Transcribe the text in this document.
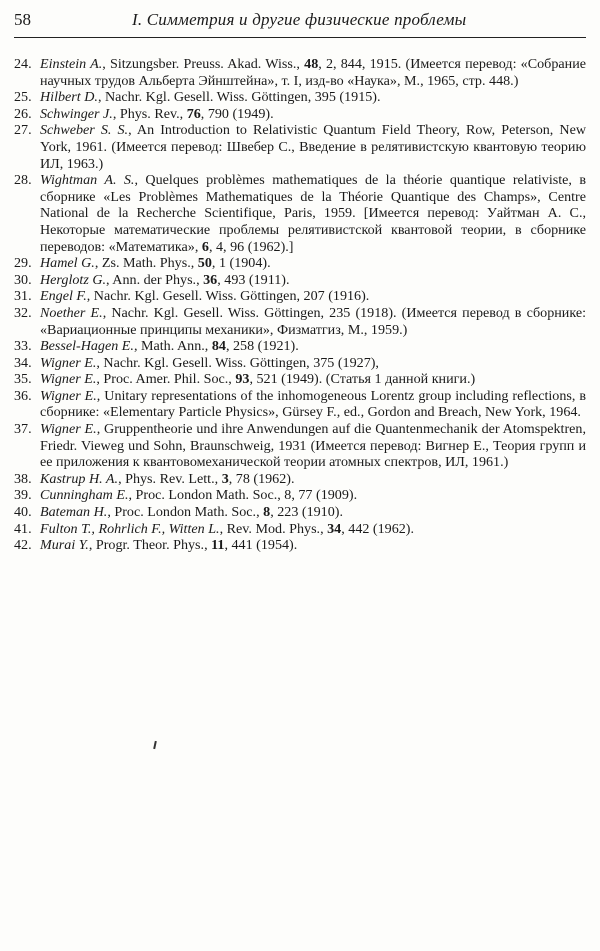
58	I. Симметрия и другие физические проблемы
24. Einstein A., Sitzungsber. Preuss. Akad. Wiss., 48, 2, 844, 1915. (Имеется перевод: «Собрание научных трудов Альберта Эйнштейна», т. I, изд-во «Наука», М., 1965, стр. 448.)
25. Hilbert D., Nachr. Kgl. Gesell. Wiss. Göttingen, 395 (1915).
26. Schwinger J., Phys. Rev., 76, 790 (1949).
27. Schweber S. S., An Introduction to Relativistic Quantum Field Theory, Row, Peterson, New York, 1961. (Имеется перевод: Швебер С., Введение в релятивистскую квантовую теорию ИЛ, 1963.)
28. Wightman A. S., Quelques problèmes mathematiques de la théorie quantique relativiste, в сборнике «Les Problèmes Mathematiques de la Théorie Quantique des Champs», Centre National de la Recherche Scientifique, Paris, 1959. [Имеется перевод: Уайтман А. С., Некоторые математические проблемы релятивистской квантовой теории, в сборнике переводов: «Математика», 6, 4, 96 (1962).]
29. Hamel G., Zs. Math. Phys., 50, 1 (1904).
30. Herglotz G., Ann. der Phys., 36, 493 (1911).
31. Engel F., Nachr. Kgl. Gesell. Wiss. Göttingen, 207 (1916).
32. Noether E., Nachr. Kgl. Gesell. Wiss. Göttingen, 235 (1918). (Имеется перевод в сборнике: «Вариационные принципы механики», Физматгиз, М., 1959.)
33. Bessel-Hagen E., Math. Ann., 84, 258 (1921).
34. Wigner E., Nachr. Kgl. Gesell. Wiss. Göttingen, 375 (1927),
35. Wigner E., Proc. Amer. Phil. Soc., 93, 521 (1949). (Статья 1 данной книги.)
36. Wigner E., Unitary representations of the inhomogeneous Lorentz group including reflections, в сборнике: «Elementary Particle Physics», Gürsey F., ed., Gordon and Breach, New York, 1964.
37. Wigner E., Gruppentheorie und ihre Anwendungen auf die Quantenmechanik der Atomspektren, Friedr. Vieweg und Sohn, Braunschweig, 1931 (Имеется перевод: Вигнер Е., Теория групп и ее приложения к квантовомеханической теории атомных спектров, ИЛ, 1961.)
38. Kastrup H. A., Phys. Rev. Lett., 3, 78 (1962).
39. Cunningham E., Proc. London Math. Soc., 8, 77 (1909).
40. Bateman H., Proc. London Math. Soc., 8, 223 (1910).
41. Fulton T., Rohrlich F., Witten L., Rev. Mod. Phys., 34, 442 (1962).
42. Murai Y., Progr. Theor. Phys., 11, 441 (1954).
